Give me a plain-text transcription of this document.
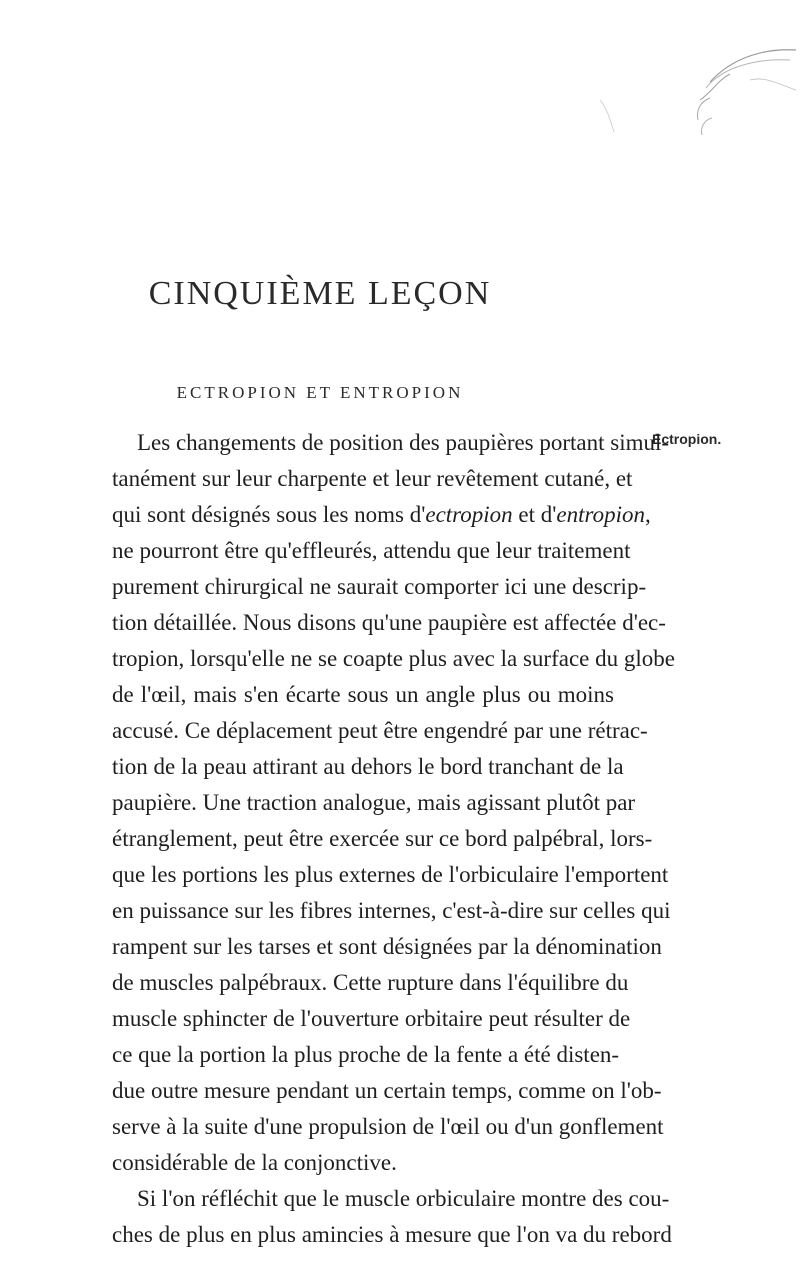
CINQUIÈME LEÇON
ECTROPION ET ENTROPION
Ectropion.
Les changements de position des paupières portant simul-
tanément sur leur charpente et leur revêtement cutané, et
qui sont désignés sous les noms d'ectropion et d'entropion,
ne pourront être qu'effleurés, attendu que leur traitement
purement chirurgical ne saurait comporter ici une descrip-
tion détaillée. Nous disons qu'une paupière est affectée d'ec-
tropion, lorsqu'elle ne se coapte plus avec la surface du globe
de l'œil, mais s'en écarte sous un angle plus ou moins
accusé. Ce déplacement peut être engendré par une rétrac-
tion de la peau attirant au dehors le bord tranchant de la
paupière. Une traction analogue, mais agissant plutôt par
étranglement, peut être exercée sur ce bord palpébral, lors-
que les portions les plus externes de l'orbiculaire l'emportent
en puissance sur les fibres internes, c'est-à-dire sur celles qui
rampent sur les tarses et sont désignées par la dénomination
de muscles palpébraux. Cette rupture dans l'équilibre du
muscle sphincter de l'ouverture orbitaire peut résulter de
ce que la portion la plus proche de la fente a été disten-
due outre mesure pendant un certain temps, comme on l'ob-
serve à la suite d'une propulsion de l'œil ou d'un gonflement
considérable de la conjonctive.
Si l'on réfléchit que le muscle orbiculaire montre des cou-
ches de plus en plus amincies à mesure que l'on va du rebord
